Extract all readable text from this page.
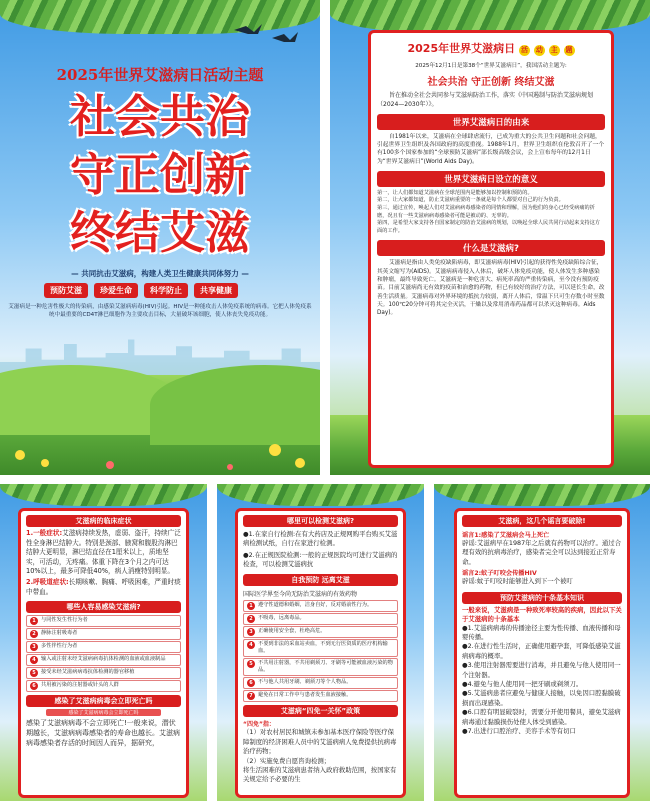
2025年世界艾滋病日活动主题
社会共治
守正创新
终结艾滋
— 共同抗击艾滋病，构建人类卫生健康共同体努力 —
预防艾滋	珍爱生命	科学防止	共享健康
艾滋病是一种危害性极大的传染病，由感染艾滋病病毒(HIV)引起。HIV是一种能攻击人体免疫系统的病毒。它把人体免疫系统中最重要的CD4T淋巴细胞作为主要攻击目标，大量破坏该细胞，使人体丧失免疫功能。
2025年世界艾滋病日 活 动 主 题
2025年12月1日是第38个“世界艾滋病日”，我国活动主题为:
社会共治 守正创新 终结艾滋
旨在推动全社会共同参与艾滋病防治工作，落实《中国遏制与防治艾滋病规划（2024—2030年）》。
世界艾滋病日的由来
自1981年以来，艾滋病在全球肆虐流行，已成为重大的公共卫生问题和社会问题，引起世界卫生组织及各国政府的高度重视。1988年1月，世界卫生组织在伦敦召开了一个有100多个国家参加的“全球预防艾滋病”部长级高级会议，会上宣布每年的12月1日为“世界艾滋病日”(World Aids Day)。
世界艾滋病日设立的意义
第一，让人们都知道艾滋病在全球范围内是能够加以控制和预防的。
第二，让大家都知道，防止艾滋病重要的一条就是每个人都要对自己的行为负责。
第三，通过宣传，唤起人们对艾滋病病毒感染者的同情和理解，因为他们的身心已经受病痛的折磨，况且有一些艾滋病病毒感染者可能是被动的、无辜的。
第四，是希望大家支持各自国家制定的防治艾滋病的规划，以唤起全球人民共同行动起来支持这方面的工作。
什么是艾滋病?
艾滋病是指由人类免疫缺陷病毒，即艾滋病病毒(HIV)引起的获得性免疫缺陷综合征，其英文缩写为(AIDS)。艾滋病病毒侵入人体后，破坏人体免疫功能，使人体发生多种感染和肿瘤，最终导致死亡。艾滋病是一种危害大、病死率高的严重传染病，至今没有预防疫苗。目前艾滋病尚无有效的疫苗和治愈的药物，但已有较好的治疗方法，可以延长生命，改善生活质量。艾滋病毒对外界环境的抵抗力较弱，离开人体后，常温下只可生存数小时至数天。100℃20分钟可将其完全灭活，干燥以及常用消毒药品都可以杀灭这种病毒。Aids Day)。
艾滋病的临床症状
1.一般症状:艾滋病持续发热，虚弱、盗汗，持续广泛性全身淋巴结肿大。特别是颈部、腋窝和腹股沟淋巴结肿大更明显，淋巴结直径在1厘米以上，质地坚实，可活动，无疼痛。体重下降在3个月之内可达10%以上，最多可降低40%，病人消瘦特别明显。
2.呼吸道症状:长期咳嗽、胸痛、呼吸困难，严重时痰中带血。
哪些人容易感染艾滋病?
1	与同性发生性行为者
2	静脉注射吸毒者
3	多性伴性行为者
4	输入或注射未经艾滋病病毒抗体检测的血液或血液制品
5	接受未经艾滋病病毒抗体检测的器官移植
6	共用被污染的注射器或针头的人群
感染了艾滋病病毒会立即死亡吗
感染了艾滋病病毒会立即死亡吗
感染了艾滋病病毒不会立即死亡!一般来说，潜伏期越长，艾滋病病毒感染者的寿命也越长。艾滋病病毒感染者存活的时间因人而异，据研究，
哪里可以检测艾滋病?
●1.在家自行检测:在有大药店及正规网购平台购买艾滋病检测试纸，自行在家进行检测。
●2.在正规医院检测:一般的正规医院均可进行艾滋病的检查，可以检测艾滋病抗
自我预防 远离艾滋
国际医学界至今尚无防治艾滋病的有效药物
1	遵守性道德和婚姻，洁身自好，反对婚前性行为。
2	不吸毒，远离毒品。
3	正确使用安全套，杜绝高危。
4	不要到非法的采血站卖血，不到无行医资质的医疗机构输血。
5	不共用注射器，不共用剃须刀、牙刷等可能被血液污染的物品。
6	不与他人共用牙刷、剃须刀等个人物品。
7	避免在日常工作中与患者发生血液接触。
艾滋病“四免一关怀”政策
“四免”指：
（1）对农村居民和城镇未参加基本医疗保险等医疗保障制度的经济困难人员中的艾滋病病人免费提供抗病毒治疗药物；
（2）实施免费自愿咨询检测；
将生活困难的艾滋病患者纳入政府救助范围，按国家有关规定给予必要的生
艾滋病，这几个谣言要破除!
谣言1:感染了艾滋病会马上死亡
辟谣:艾滋病早在1987年之后就有药物可以治疗。通过合理有效的抗病毒治疗，感染者完全可以达到接近正常寿命。
谣言2:蚊子叮咬会传播HIV
辟谣:蚊子叮咬时能够进入到下一个被叮
预防艾滋病的十条基本知识
一般来说，艾滋病是一种致死率较高的疾病，因此以下关于艾滋病的十条基本
●1.艾滋病病毒的传播途径主要为性传播、血液传播和母婴传播。
●2.在进行性生活时，正确使用避孕套，可降低感染艾滋病病毒的概率。
●3.使用注射器需要进行消毒，并且避免与他人使用同一个注射器。
●4.避免与他人使用同一把牙刷或剃须刀。
●5.艾滋病患者应避免与健康人接触，以免因口腔黏膜破损而出现感染。
●6.口腔有明显破裂时，需要分开使用餐具，避免艾滋病病毒通过黏膜损伤处使人体受到感染。
●7.出进行口腔治疗、美容手术等有切口
